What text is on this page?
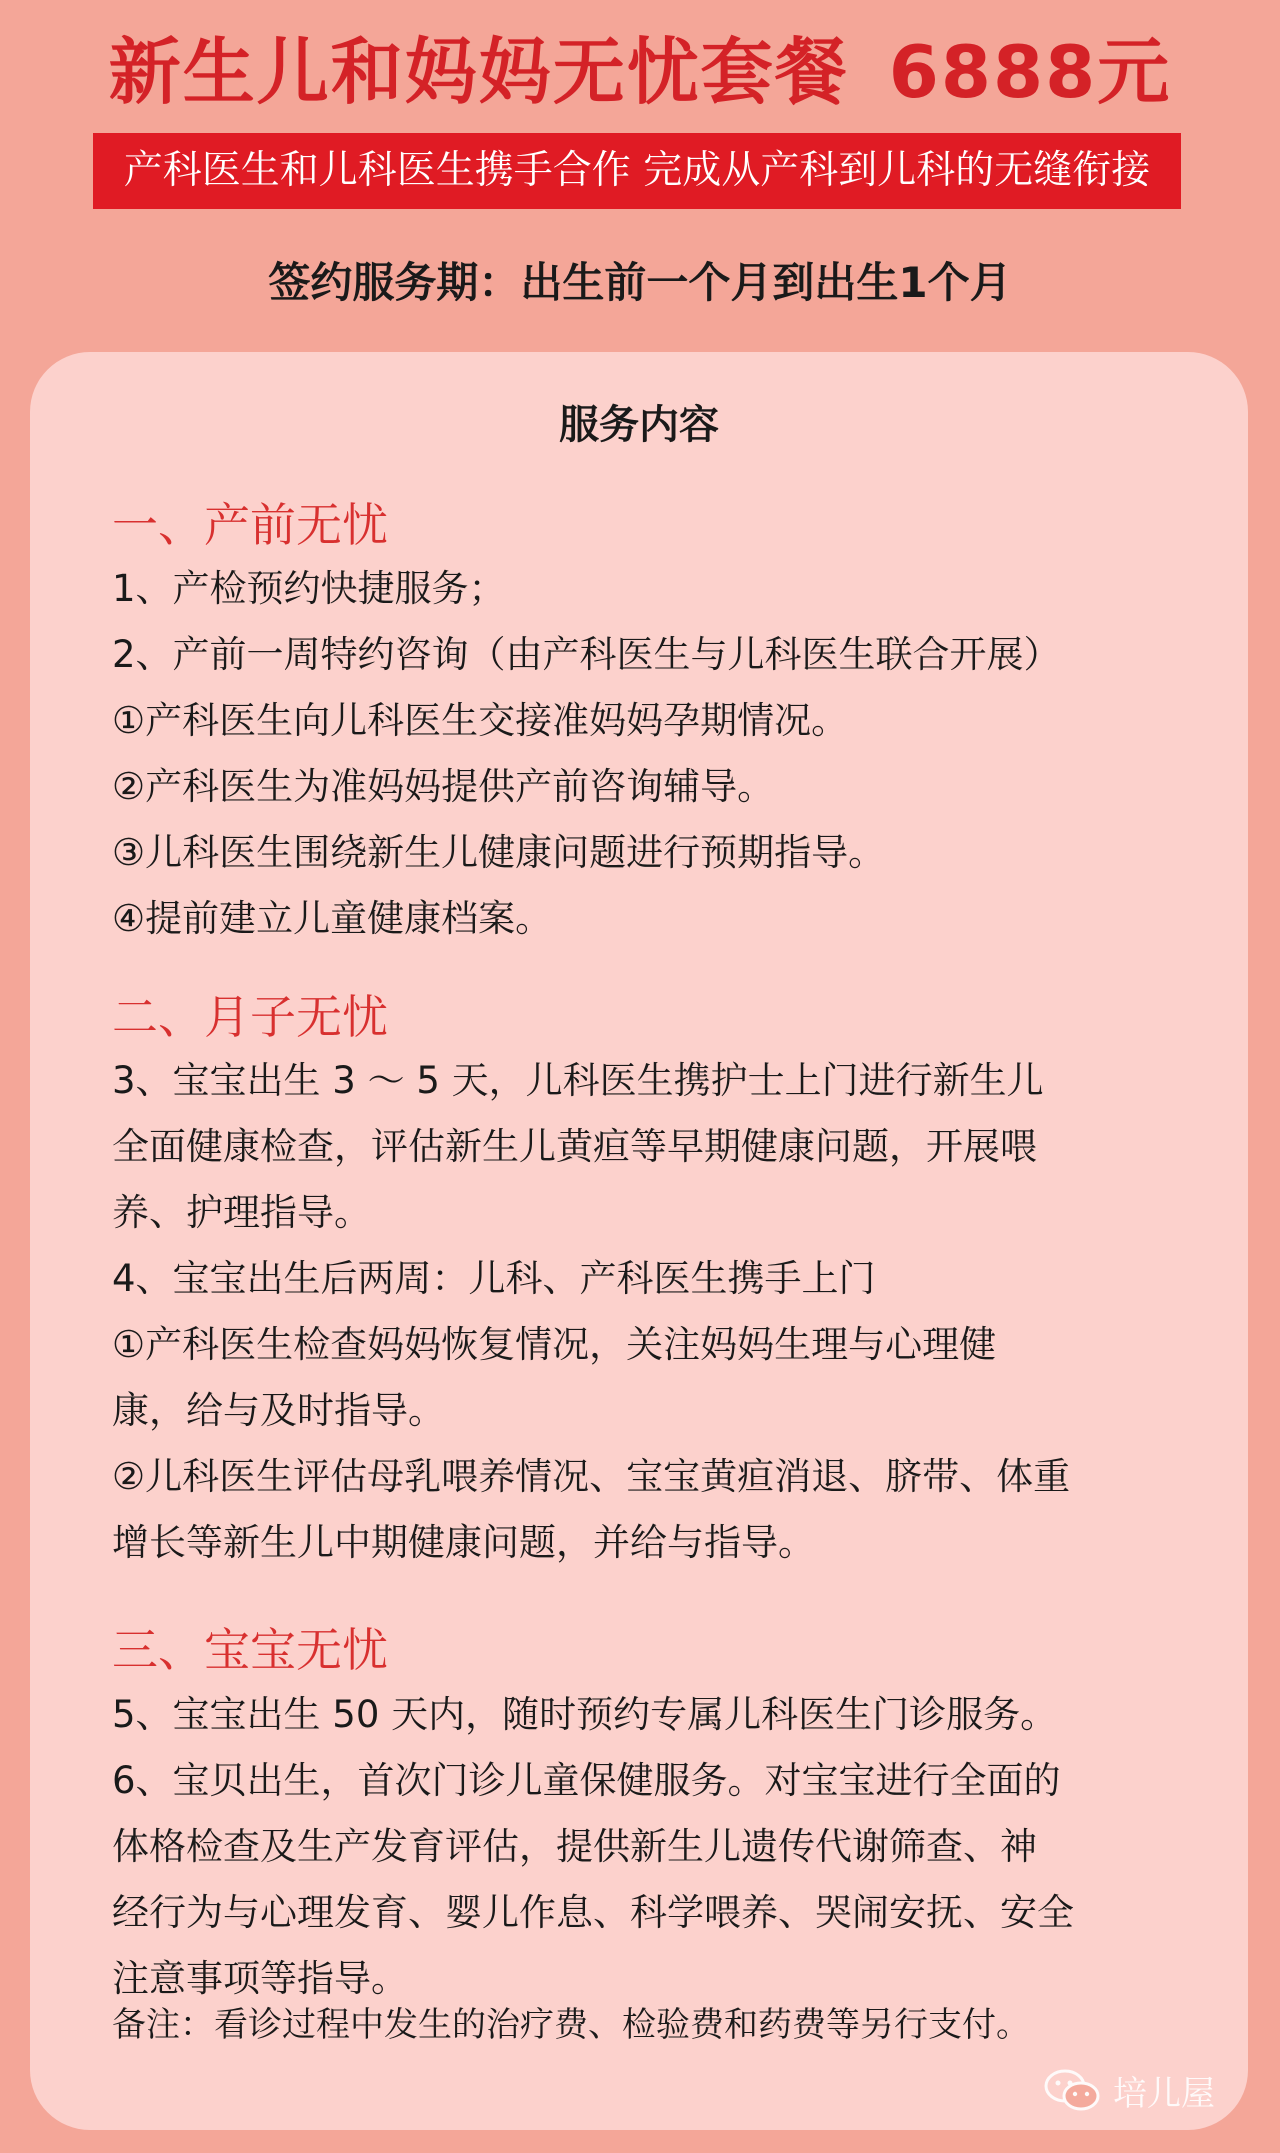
新生儿和妈妈无忧套餐 6888元
产科医生和儿科医生携手合作 完成从产科到儿科的无缝衔接
签约服务期：出生前一个月到出生1个月
服务内容
一、产前无忧
1、产检预约快捷服务；
2、产前一周特约咨询（由产科医生与儿科医生联合开展）
①产科医生向儿科医生交接准妈妈孕期情况。
②产科医生为准妈妈提供产前咨询辅导。
③儿科医生围绕新生儿健康问题进行预期指导。
④提前建立儿童健康档案。
二、月子无忧
3、宝宝出生 3 ～ 5 天，儿科医生携护士上门进行新生儿
全面健康检查，评估新生儿黄疸等早期健康问题，开展喂
养、护理指导。
4、宝宝出生后两周：儿科、产科医生携手上门
①产科医生检查妈妈恢复情况，关注妈妈生理与心理健
康，给与及时指导。
②儿科医生评估母乳喂养情况、宝宝黄疸消退、脐带、体重
增长等新生儿中期健康问题，并给与指导。
三、宝宝无忧
5、宝宝出生 50 天内，随时预约专属儿科医生门诊服务。
6、宝贝出生，首次门诊儿童保健服务。对宝宝进行全面的
体格检查及生产发育评估，提供新生儿遗传代谢筛查、神
经行为与心理发育、婴儿作息、科学喂养、哭闹安抚、安全
注意事项等指导。
备注：看诊过程中发生的治疗费、检验费和药费等另行支付。
培儿屋
